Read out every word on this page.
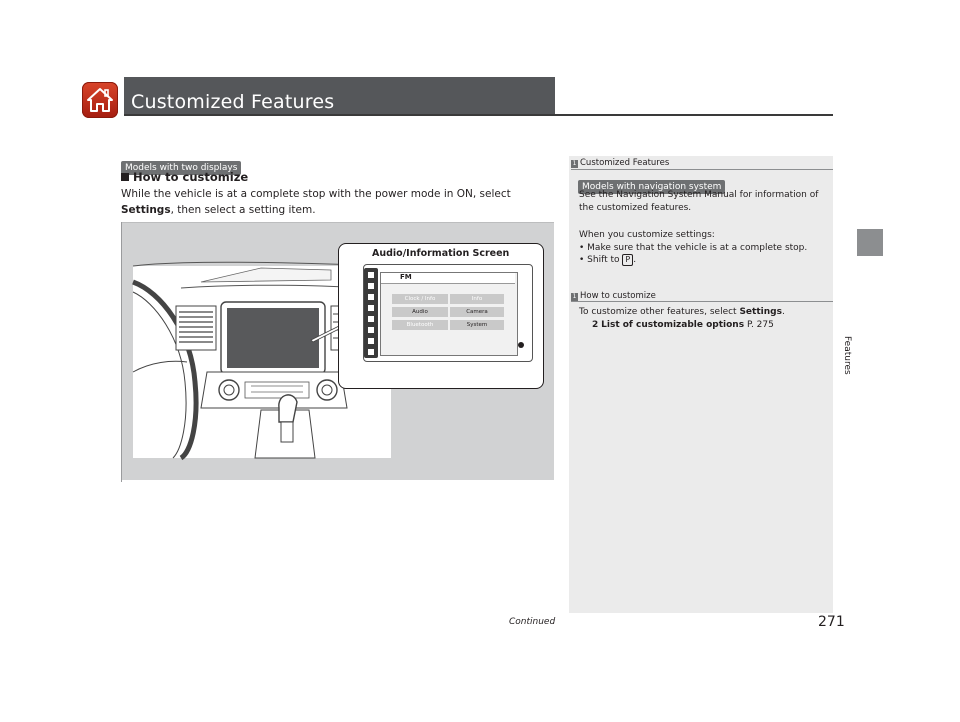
Customized Features
Features
Models with two displays
How to customize
While the vehicle is at a complete stop with the power mode in ON, select Settings, then select a setting item.
Audio/Information Screen
FM
Clock / Info	Info
Audio	Camera
Bluetooth	System
1 Customized Features
Models with navigation system
See the Navigation System Manual for information of the customized features.
When you customize settings:
• Make sure that the vehicle is at a complete stop.
• Shift to P .
1 How to customize
To customize other features, select Settings.
2 List of customizable options P. 275
Continued	271
